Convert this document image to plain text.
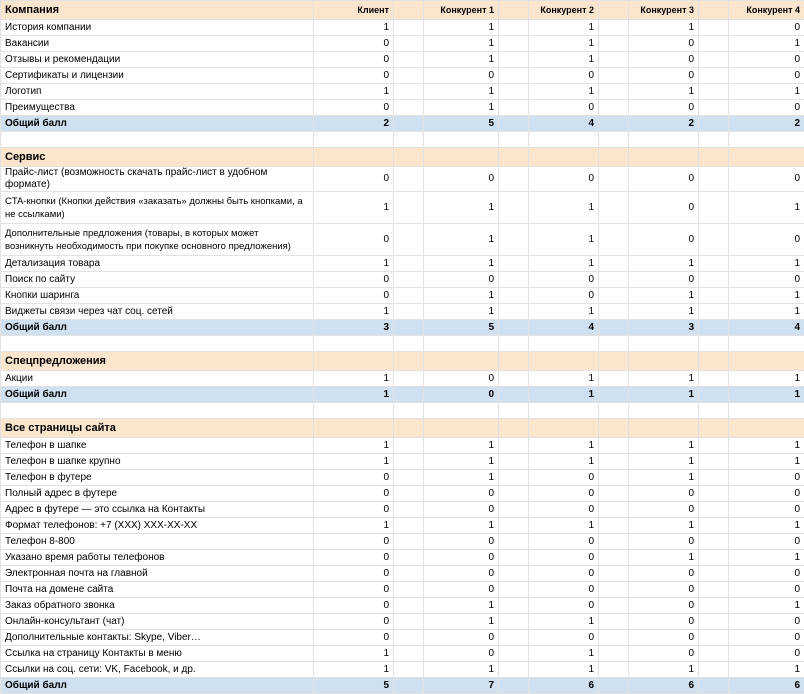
Компания	Клиент		Конкурент 1		Конкурент 2		Конкурент 3		Конкурент 4
История компании	1		1		1		1		0
Вакансии	0		1		1		0		1
Отзывы и рекомендации	0		1		1		0		0
Сертификаты и лицензии	0		0		0		0		0
Логотип	1		1		1		1		1
Преимущества	0		1		0		0		0
Общий балл	2		5		4		2		2

Сервис									
Прайс-лист (возможность скачать прайс-лист в удобном формате)	0		0		0		0		0
CTA-кнопки (Кнопки действия «заказать» должны быть кнопками, а не ссылками)	1		1		1		0		1
Дополнительные предложения (товары, в которых может возникнуть необходимость при покупке основного предложения)	0		1		1		0		0
Детализация товара	1		1		1		1		1
Поиск по сайту	0		0		0		0		0
Кнопки шаринга	0		1		0		1		1
Виджеты связи через чат соц. сетей	1		1		1		1		1
Общий балл	3		5		4		3		4

Спецпредложения									
Акции	1		0		1		1		1
Общий балл	1		0		1		1		1

Все страницы сайта									
Телефон в шапке	1		1		1		1		1
Телефон в шапке крупно	1		1		1		1		1
Телефон в футере	0		1		0		1		0
Полный адрес в футере	0		0		0		0		0
Адрес в футере — это ссылка на Контакты	0		0		0		0		0
Формат телефонов: +7 (XXX) XXX-XX-XX	1		1		1		1		1
Телефон 8-800	0		0		0		0		0
Указано время работы телефонов	0		0		0		1		1
Электронная почта на главной	0		0		0		0		0
Почта на домене сайта	0		0		0		0		0
Заказ обратного звонка	0		1		0		0		1
Онлайн-консультант (чат)	0		1		1		0		0
Дополнительные контакты: Skype, Viber…	0		0		0		0		0
Ссылка на страницу Контакты в меню	1		0		1		0		0
Ссылки на соц. сети: VK, Facebook, и др.	1		1		1		1		1
Общий балл	5		7		6		6		6
